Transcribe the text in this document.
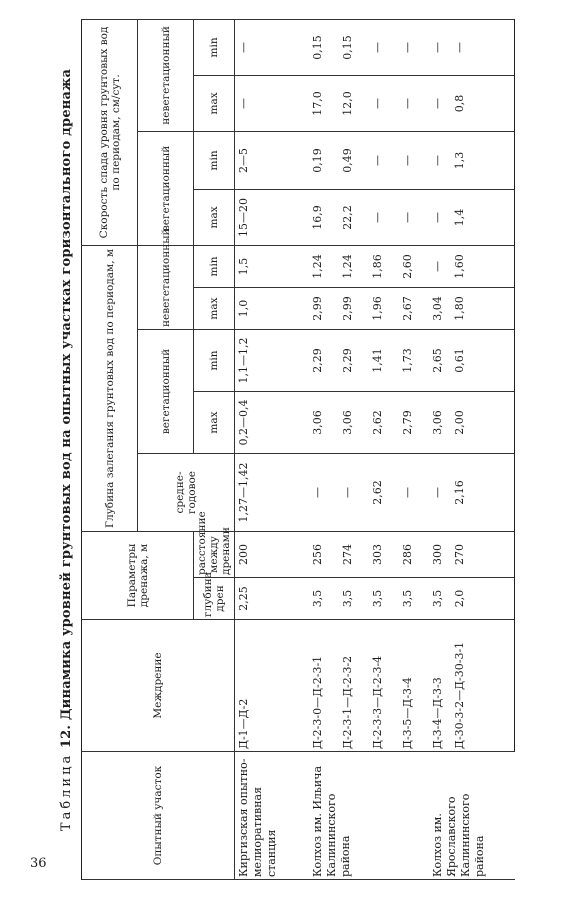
36
Таблица 12. Динамика уровней грунтовых вод на опытных участках горизонтального дренажа
Опытный участок	Междрение	Параметры дренажа, м		Глубина залегания грунтовых вод по периодам, м					Скорость спада уровня грунтовых вод по периодам, см/сут.			
				средне-годовое	вегетационный		невегетационный		вегетационный		невегетационный	
		глубина дрен	расстояние между дренами		max	min	max	min	max	min	max	min
Киргизская опытно-мелиоративная станция	Д-1—Д-2	2,25	200	1,27—1,42	0,2—0,4	1,1—1,2	1,0	1,5	15—20	2—5	—	—
Колхоз им. Ильича Калининского района	Д-2-3-0—Д-2-3-1	3,5	256	—	3,06	2,29	2,99	1,24	16,9	0,19	17,0	0,15
	Д-2-3-1—Д-2-3-2	3,5	274	—	3,06	2,29	2,99	1,24	22,2	0,49	12,0	0,15
	Д-2-3-3—Д-2-3-4	3,5	303	2,62	2,62	1,41	1,96	1,86	—	—	—	—
	Д-3-5—Д-3-4	3,5	286	—	2,79	1,73	2,67	2,60	—	—	—	—
Колхоз им. Ярославского Калининского района	Д-3-4—Д-3-3	3,5	300	—	3,06	2,65	3,04	—	—	—	—	—
	Д-30-3-2—Д-30-3-1	2,0	270	2,16	2,00	0,61	1,80	1,60	1,4	1,3	0,8	—
